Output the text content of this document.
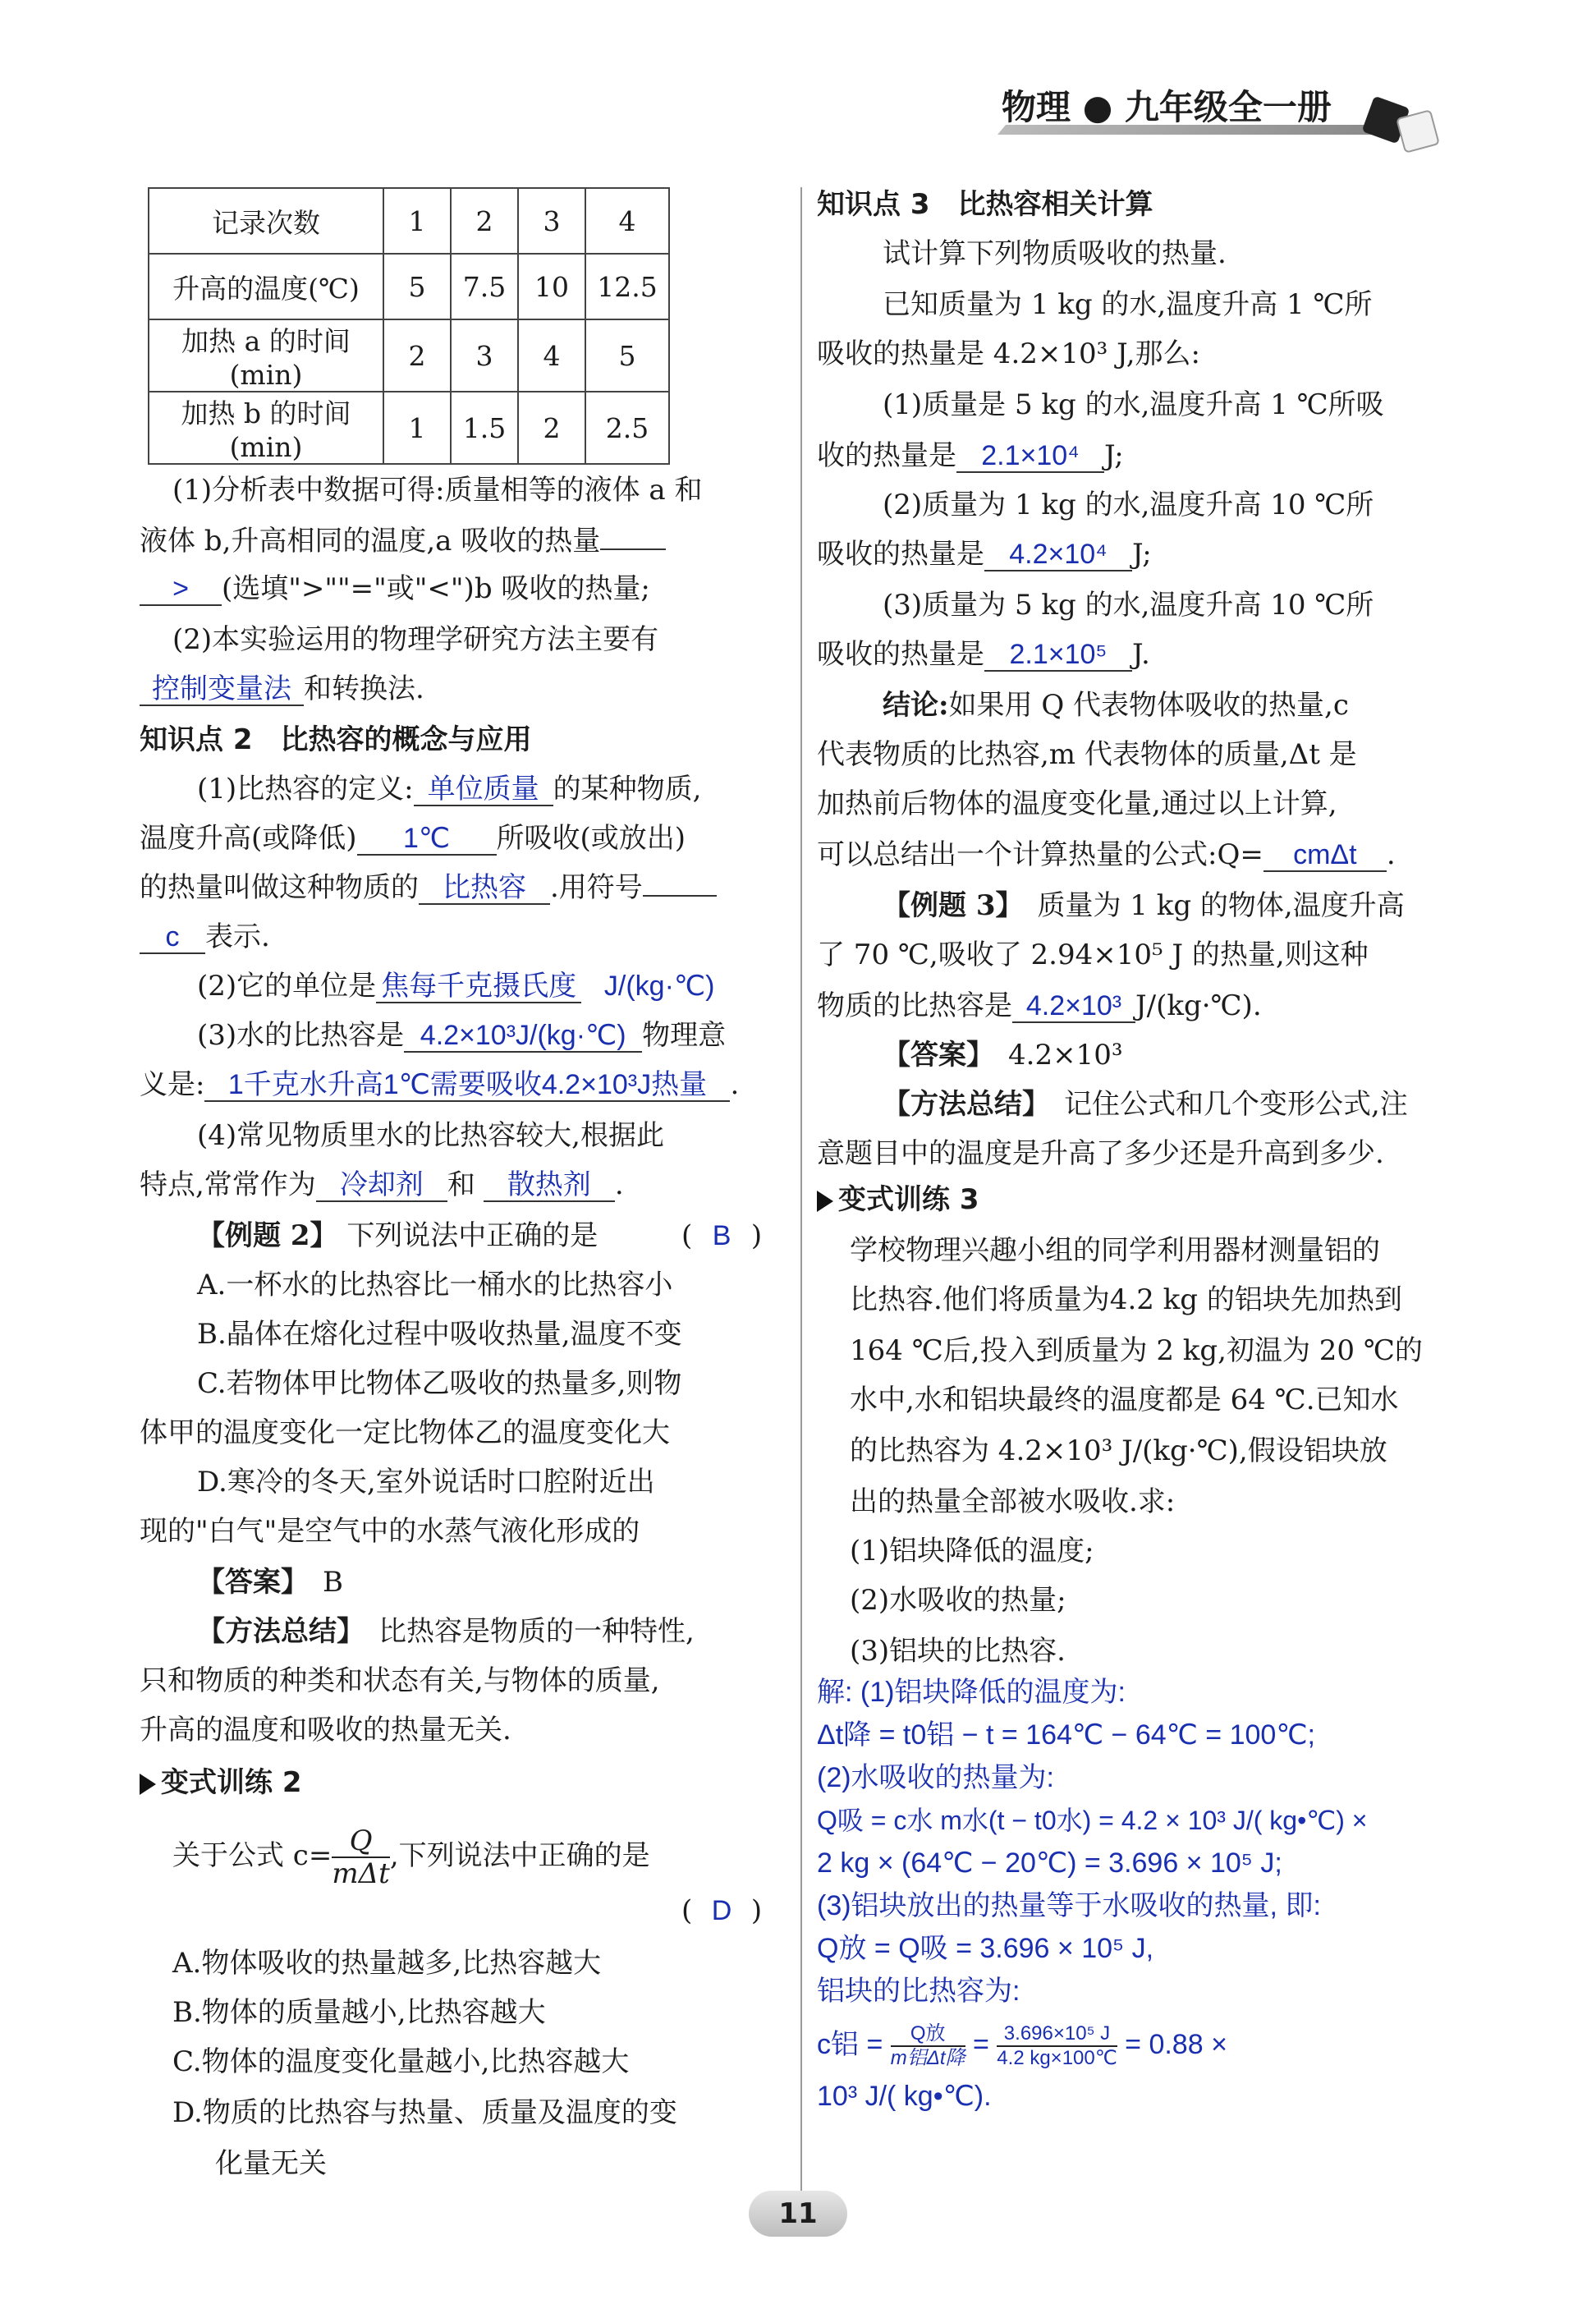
物理 ● 九年级全一册
记录次数	1	2	3	4
升高的温度(℃)	5	7.5	10	12.5
加热 a 的时间(min)	2	3	4	5
加热 b 的时间(min)	1	1.5	2	2.5
(1)分析表中数据可得:质量相等的液体 a 和
液体 b,升高相同的温度,a 吸收的热量
> (选填">""="或"<")b 吸收的热量;
(2)本实验运用的物理学研究方法主要有
控制变量法 和转换法.
知识点 2　比热容的概念与应用
(1)比热容的定义: 单位质量 的某种物质,
温度升高(或降低) 1℃ 所吸收(或放出)
的热量叫做这种物质的 比热容 .用符号
c 表示.
(2)它的单位是 焦每千克摄氏度 J/(kg·℃)
(3)水的比热容是 4.2×10³J/(kg·℃) 物理意
义是: 1千克水升高1℃需要吸收4.2×10³J热量 .
(4)常见物质里水的比热容较大,根据此
特点,常常作为 冷却剂 和 散热剂 .
【例题 2】 下列说法中正确的是	( B )
A.一杯水的比热容比一桶水的比热容小
B.晶体在熔化过程中吸收热量,温度不变
C.若物体甲比物体乙吸收的热量多,则物
体甲的温度变化一定比物体乙的温度变化大
D.寒冷的冬天,室外说话时口腔附近出
现的"白气"是空气中的水蒸气液化形成的
【答案】　 B
【方法总结】　 比热容是物质的一种特性,
只和物质的种类和状态有关,与物体的质量,
升高的温度和吸收的热量无关.
变式训练 2
关于公式 $c= \frac{Q}{\text{mΔt}}$ ,下列说法中正确的是
( D )
A.物体吸收的热量越多,比热容越大
B.物体的质量越小,比热容越大
C.物体的温度变化量越小,比热容越大
D.物质的比热容与热量、质量及温度的变
化量无关
知识点 3　比热容相关计算
试计算下列物质吸收的热量.
已知质量为 1 kg 的水,温度升高 1 ℃所
吸收的热量是 4.2×10³ J,那么:
(1)质量是 5 kg 的水,温度升高 1 ℃所吸
收的热量是 2.1×10⁴ J;
(2)质量为 1 kg 的水,温度升高 10 ℃所
吸收的热量是 4.2×10⁴ J;
(3)质量为 5 kg 的水,温度升高 10 ℃所
吸收的热量是 2.1×10⁵ J.
结论:如果用 Q 代表物体吸收的热量,c
代表物质的比热容,m 代表物体的质量,Δt 是
加热前后物体的温度变化量,通过以上计算,
可以总结出一个计算热量的公式:Q= cmΔt .
【例题 3】　 质量为 1 kg 的物体,温度升高
了 70 ℃,吸收了 2.94×10⁵ J 的热量,则这种
物质的比热容是 4.2×10³ J/(kg·℃).
【答案】　 4.2×10³
【方法总结】　 记住公式和几个变形公式,注
意题目中的温度是升高了多少还是升高到多少.
变式训练 3
学校物理兴趣小组的同学利用器材测量铝的
比热容.他们将质量为4.2 kg 的铝块先加热到
164 ℃后,投入到质量为 2 kg,初温为 20 ℃的
水中,水和铝块最终的温度都是 64 ℃.已知水
的比热容为 4.2×10³ J/(kg·℃),假设铝块放
出的热量全部被水吸收.求:
(1)铝块降低的温度;
(2)水吸收的热量;
(3)铝块的比热容.
解: (1)铝块降低的温度为:
Δt降 = t0铝 − t = 164℃ − 64℃ = 100℃;
(2)水吸收的热量为:
Q吸 = c水 m水(t − t0水) = 4.2 × 10³ J/( kg•℃) ×
2 kg × (64℃ − 20℃) = 3.696 × 10⁵ J;
(3)铝块放出的热量等于水吸收的热量, 即:
Q放 = Q吸 = 3.696 × 10⁵ J,
铝块的比热容为:
c铝 = $\frac{\text{Q放}}{\text{m铝Δt降}} = \frac{\text{3.696×10⁵ J}}{4.2 kg\times 100℃} = 0.88$ ×
10³ J/( kg•℃).
11
